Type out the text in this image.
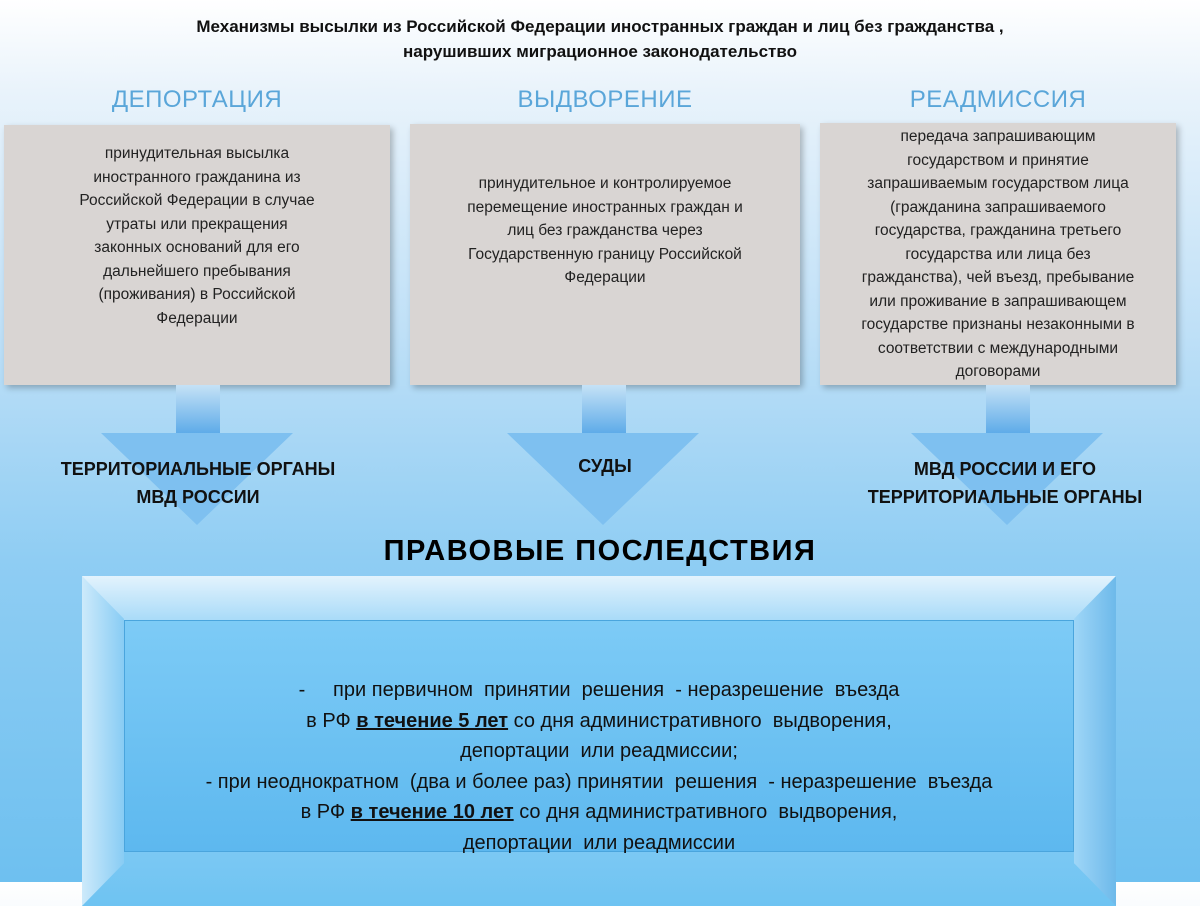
Механизмы высылки из Российской Федерации иностранных граждан и лиц без гражданства ,
нарушивших миграционное законодательство
ДЕПОРТАЦИЯ
принудительная высылка
иностранного гражданина из
Российской Федерации в случае
утраты или прекращения
законных оснований для его
дальнейшего пребывания
(проживания) в Российской
Федерации
ТЕРРИТОРИАЛЬНЫЕ ОРГАНЫ
МВД РОССИИ
ВЫДВОРЕНИЕ
принудительное и контролируемое
перемещение иностранных граждан и
лиц без гражданства через
Государственную границу Российской
Федерации
СУДЫ
РЕАДМИССИЯ
передача запрашивающим
государством и принятие
запрашиваемым государством лица
(гражданина запрашиваемого
государства, гражданина третьего
государства или лица без
гражданства), чей въезд, пребывание
или проживание в запрашивающем
государстве признаны незаконными в
соответствии с международными
договорами
МВД РОССИИ И ЕГО
ТЕРРИТОРИАЛЬНЫЕ ОРГАНЫ
ПРАВОВЫЕ ПОСЛЕДСТВИЯ
-     при первичном  принятии  решения  - неразрешение  въезда
в РФ в течение 5 лет со дня административного  выдворения,
депортации  или реадмиссии;
- при неоднократном  (два и более раз) принятии  решения  - неразрешение  въезда
в РФ в течение 10 лет со дня административного  выдворения,
депортации  или реадмиссии
